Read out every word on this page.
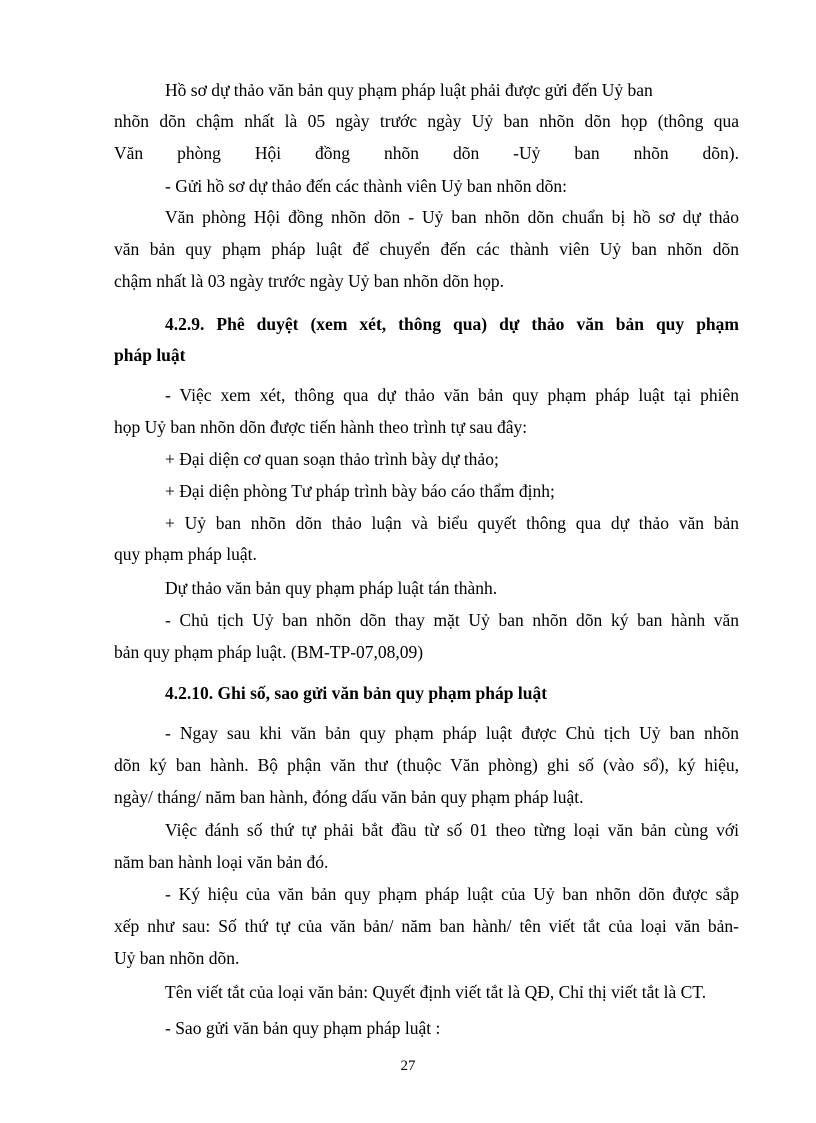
Hồ sơ dự thảo văn bản quy phạm pháp luật phải được gửi đến Uỷ ban
nhõn dõn chậm nhất là 05 ngày trước ngày Uỷ ban nhõn dõn họp (thông qua
Văn phòng Hội đồng nhõn dõn -Uỷ ban nhõn dõn).
- Gửi hồ sơ dự thảo đến các thành viên Uỷ ban nhõn dõn:
Văn phòng Hội đồng nhõn dõn - Uỷ ban nhõn dõn chuẩn bị hồ sơ dự thảo
văn bản quy phạm pháp luật để chuyển đến các thành viên Uỷ ban nhõn dõn
chậm nhất là 03 ngày trước ngày Uỷ ban nhõn dõn họp.
4.2.9. Phê duyệt (xem xét, thông qua) dự thảo văn bản quy phạm
pháp luật
- Việc xem xét, thông qua dự thảo văn bản quy phạm pháp luật tại phiên
họp Uỷ ban nhõn dõn được tiến hành theo trình tự sau đây:
+ Đại diện cơ quan soạn thảo trình bày dự thảo;
+ Đại diện phòng Tư pháp trình bày báo cáo thẩm định;
+ Uỷ ban nhõn dõn thảo luận và biểu quyết thông qua dự thảo văn bản
quy phạm pháp luật.
Dự thảo văn bản quy phạm pháp luật tán thành.
- Chủ tịch Uỷ ban nhõn dõn thay mặt Uỷ ban nhõn dõn ký ban hành văn
bản quy phạm pháp luật. (BM-TP-07,08,09)
4.2.10. Ghi số, sao gửi văn bản quy phạm pháp luật
- Ngay sau khi văn bản quy phạm pháp luật được Chủ tịch Uỷ ban nhõn
dõn ký ban hành. Bộ phận văn thư (thuộc Văn phòng) ghi số (vào sổ), ký hiệu,
ngày/ tháng/ năm ban hành, đóng dấu văn bản quy phạm pháp luật.
Việc đánh số thứ tự phải bắt đầu từ số 01 theo từng loại văn bản cùng với
năm ban hành loại văn bản đó.
- Ký hiệu của văn bản quy phạm pháp luật của Uỷ ban nhõn dõn được sắp
xếp như sau: Số thứ tự của văn bản/ năm ban hành/ tên viết tắt của loại văn bản-
Uỷ ban nhõn dõn.
Tên viết tắt của loại văn bản: Quyết định viết tắt là QĐ, Chỉ thị viết tắt là CT.
- Sao gửi văn bản quy phạm pháp luật :
27
